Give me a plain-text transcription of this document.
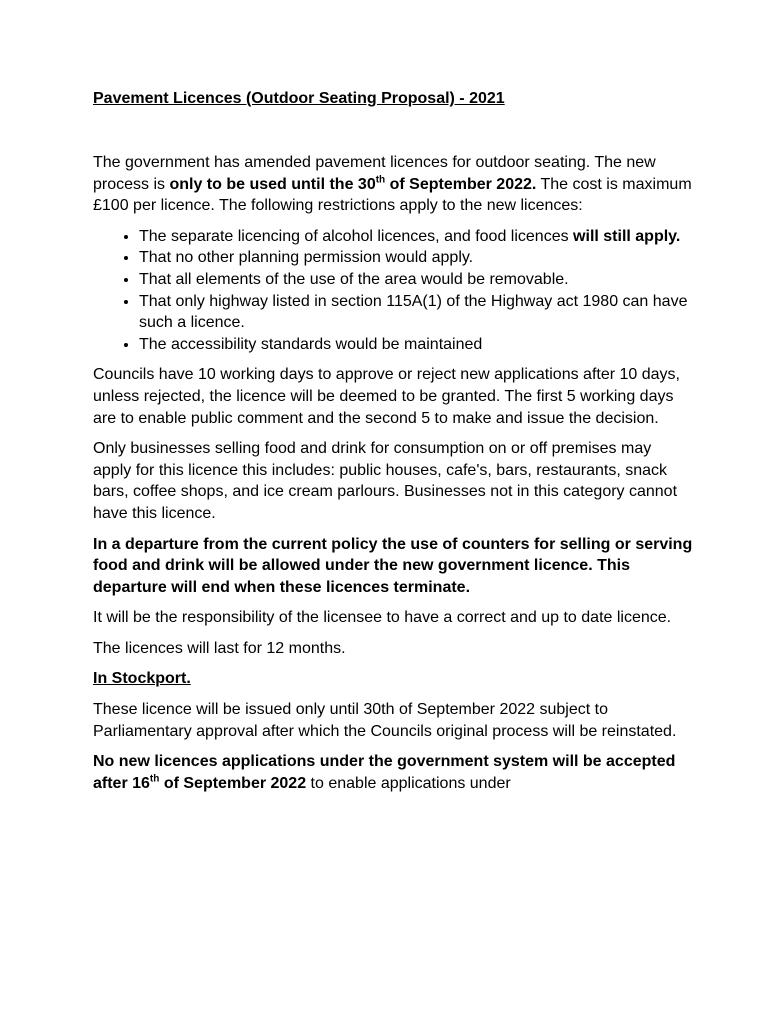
Pavement Licences (Outdoor Seating Proposal) - 2021

The government has amended pavement licences for outdoor seating. The new process is only to be used until the 30th of September 2022. The cost is maximum £100 per licence. The following restrictions apply to the new licences:

• The separate licencing of alcohol licences, and food licences will still apply.
• That no other planning permission would apply.
• That all elements of the use of the area would be removable.
• That only highway listed in section 115A(1) of the Highway act 1980 can have such a licence.
• The accessibility standards would be maintained

Councils have 10 working days to approve or reject new applications after 10 days, unless rejected, the licence will be deemed to be granted. The first 5 working days are to enable public comment and the second 5 to make and issue the decision.

Only businesses selling food and drink for consumption on or off premises may apply for this licence this includes: public houses, cafe's, bars, restaurants, snack bars, coffee shops, and ice cream parlours. Businesses not in this category cannot have this licence.

In a departure from the current policy the use of counters for selling or serving food and drink will be allowed under the new government licence. This departure will end when these licences terminate.

It will be the responsibility of the licensee to have a correct and up to date licence.

The licences will last for 12 months.

In Stockport.

These licence will be issued only until 30th of September 2022 subject to Parliamentary approval after which the Councils original process will be reinstated.

No new licences applications under the government system will be accepted after 16th of September 2022 to enable applications under
